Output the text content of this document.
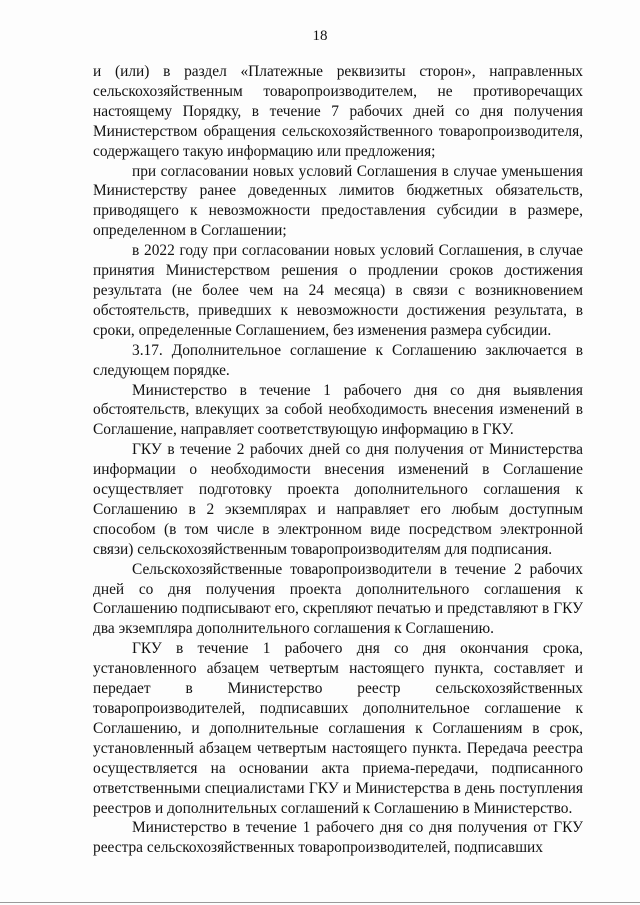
18

и (или) в раздел «Платежные реквизиты сторон», направленных сельскохозяйственным товаропроизводителем, не противоречащих настоящему Порядку, в течение 7 рабочих дней со дня получения Министерством обращения сельскохозяйственного товаропроизводителя, содержащего такую информацию или предложения;

при согласовании новых условий Соглашения в случае уменьшения Министерству ранее доведенных лимитов бюджетных обязательств, приводящего к невозможности предоставления субсидии в размере, определенном в Соглашении;

в 2022 году при согласовании новых условий Соглашения, в случае принятия Министерством решения о продлении сроков достижения результата (не более чем на 24 месяца) в связи с возникновением обстоятельств, приведших к невозможности достижения результата, в сроки, определенные Соглашением, без изменения размера субсидии.

3.17. Дополнительное соглашение к Соглашению заключается в следующем порядке.

Министерство в течение 1 рабочего дня со дня выявления обстоятельств, влекущих за собой необходимость внесения изменений в Соглашение, направляет соответствующую информацию в ГКУ.

ГКУ в течение 2 рабочих дней со дня получения от Министерства информации о необходимости внесения изменений в Соглашение осуществляет подготовку проекта дополнительного соглашения к Соглашению в 2 экземплярах и направляет его любым доступным способом (в том числе в электронном виде посредством электронной связи) сельскохозяйственным товаропроизводителям для подписания.

Сельскохозяйственные товаропроизводители в течение 2 рабочих дней со дня получения проекта дополнительного соглашения к Соглашению подписывают его, скрепляют печатью и представляют в ГКУ два экземпляра дополнительного соглашения к Соглашению.

ГКУ в течение 1 рабочего дня со дня окончания срока, установленного абзацем четвертым настоящего пункта, составляет и передает в Министерство реестр сельскохозяйственных товаропроизводителей, подписавших дополнительное соглашение к Соглашению, и дополнительные соглашения к Соглашениям в срок, установленный абзацем четвертым настоящего пункта. Передача реестра осуществляется на основании акта приема-передачи, подписанного ответственными специалистами ГКУ и Министерства в день поступления реестров и дополнительных соглашений к Соглашению в Министерство.

Министерство в течение 1 рабочего дня со дня получения от ГКУ реестра сельскохозяйственных товаропроизводителей, подписавших
